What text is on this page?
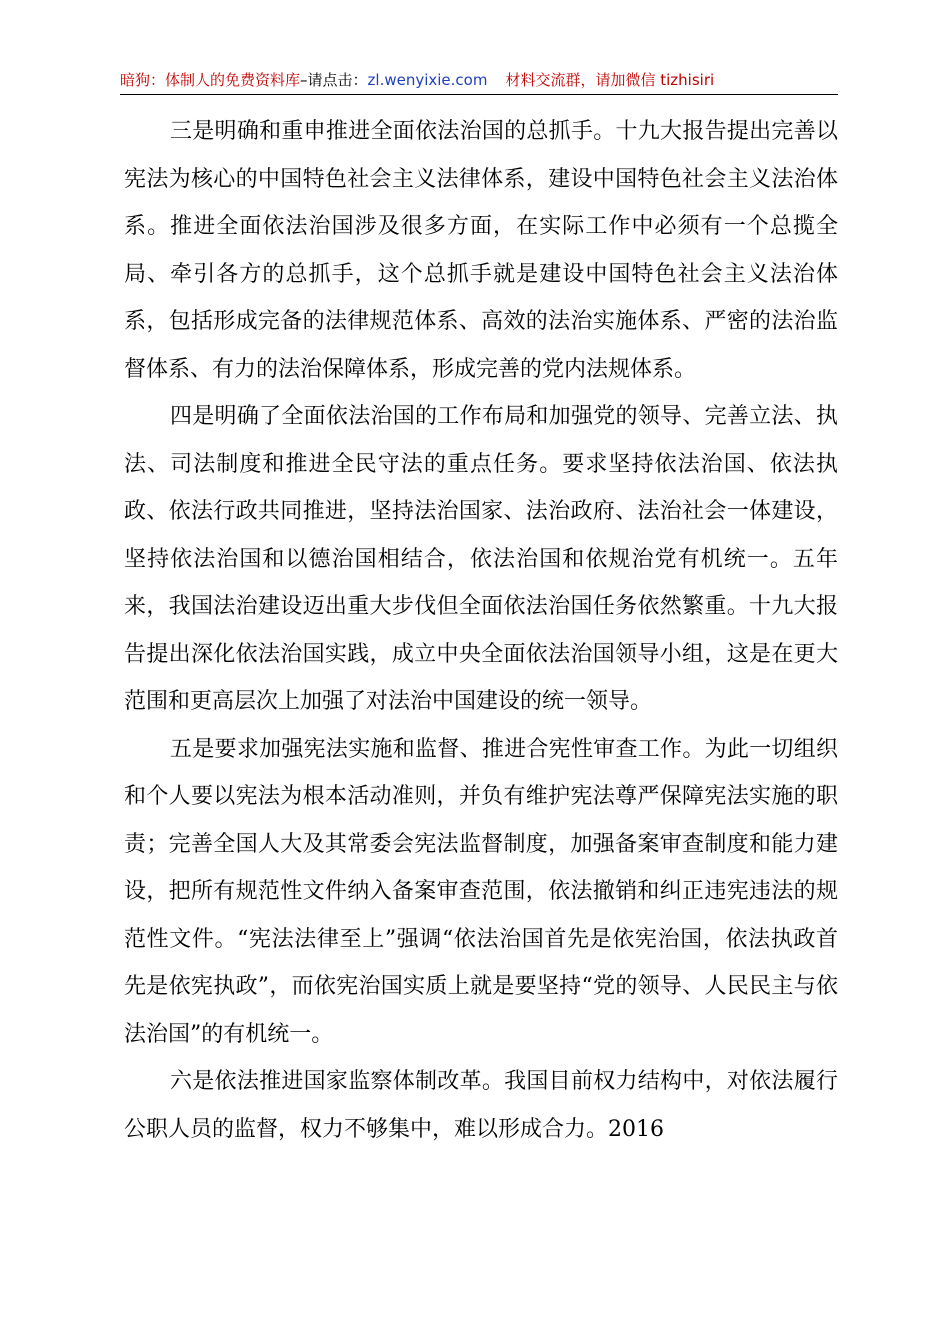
暗狗：体制人的免费资料库–请点击：zl.wenyixie.com 材料交流群，请加微信 tizhisiri

三是明确和重申推进全面依法治国的总抓手。十九大报告提出完善以宪法为核心的中国特色社会主义法律体系，建设中国特色社会主义法治体系。推进全面依法治国涉及很多方面，在实际工作中必须有一个总揽全局、牵引各方的总抓手，这个总抓手就是建设中国特色社会主义法治体系，包括形成完备的法律规范体系、高效的法治实施体系、严密的法治监督体系、有力的法治保障体系，形成完善的党内法规体系。

四是明确了全面依法治国的工作布局和加强党的领导、完善立法、执法、司法制度和推进全民守法的重点任务。要求坚持依法治国、依法执政、依法行政共同推进，坚持法治国家、法治政府、法治社会一体建设，坚持依法治国和以德治国相结合，依法治国和依规治党有机统一。五年来，我国法治建设迈出重大步伐但全面依法治国任务依然繁重。十九大报告提出深化依法治国实践，成立中央全面依法治国领导小组，这是在更大范围和更高层次上加强了对法治中国建设的统一领导。

五是要求加强宪法实施和监督、推进合宪性审查工作。为此一切组织和个人要以宪法为根本活动准则，并负有维护宪法尊严保障宪法实施的职责；完善全国人大及其常委会宪法监督制度，加强备案审查制度和能力建设，把所有规范性文件纳入备案审查范围，依法撤销和纠正违宪违法的规范性文件。“宪法法律至上”强调“依法治国首先是依宪治国，依法执政首先是依宪执政”，而依宪治国实质上就是要坚持“党的领导、人民民主与依法治国”的有机统一。

六是依法推进国家监察体制改革。我国目前权力结构中，对依法履行公职人员的监督，权力不够集中，难以形成合力。2016
